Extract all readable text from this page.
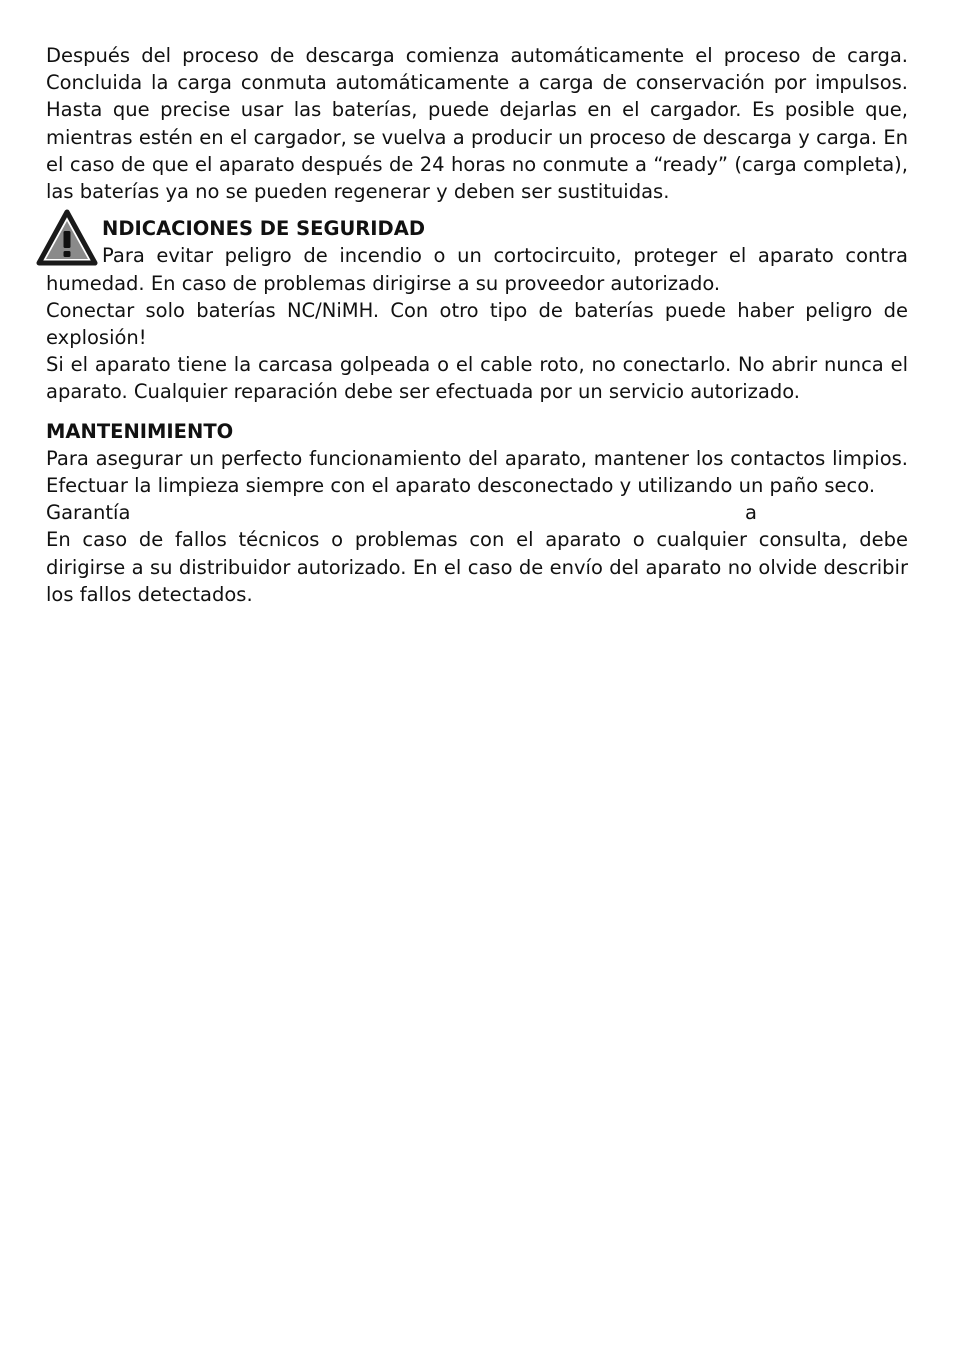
Después del proceso de descarga comienza automáticamente el proceso de carga. Concluida la carga conmuta automáticamente a carga de conservación por impulsos. Hasta que precise usar las baterías, puede dejarlas en el cargador. Es posible que, mientras estén en el cargador, se vuelva a producir un proceso de descarga y carga. En el caso de que el aparato después de 24 horas no conmute a “ready” (carga completa), las baterías ya no se pueden regenerar y deben ser sustituidas.

NDICACIONES DE SEGURIDAD

Para evitar peligro de incendio o un cortocircuito, proteger el aparato contra

humedad. En caso de problemas dirigirse a su proveedor autorizado.

Conectar solo baterías NC/NiMH. Con otro tipo de baterías puede haber peligro de explosión!

Si el aparato tiene la carcasa golpeada o el cable roto, no conectarlo. No abrir nunca el aparato. Cualquier reparación debe ser efectuada por un servicio autorizado.

MANTENIMIENTO

Para asegurar un perfecto funcionamiento del aparato, mantener los contactos limpios. Efectuar la limpieza siempre con el aparato desconectado y utilizando un paño seco.

Garantía	a

En caso de fallos técnicos o problemas con el aparato o cualquier consulta, debe dirigirse a su distribuidor autorizado. En el caso de envío del aparato no olvide describir los fallos detectados.
